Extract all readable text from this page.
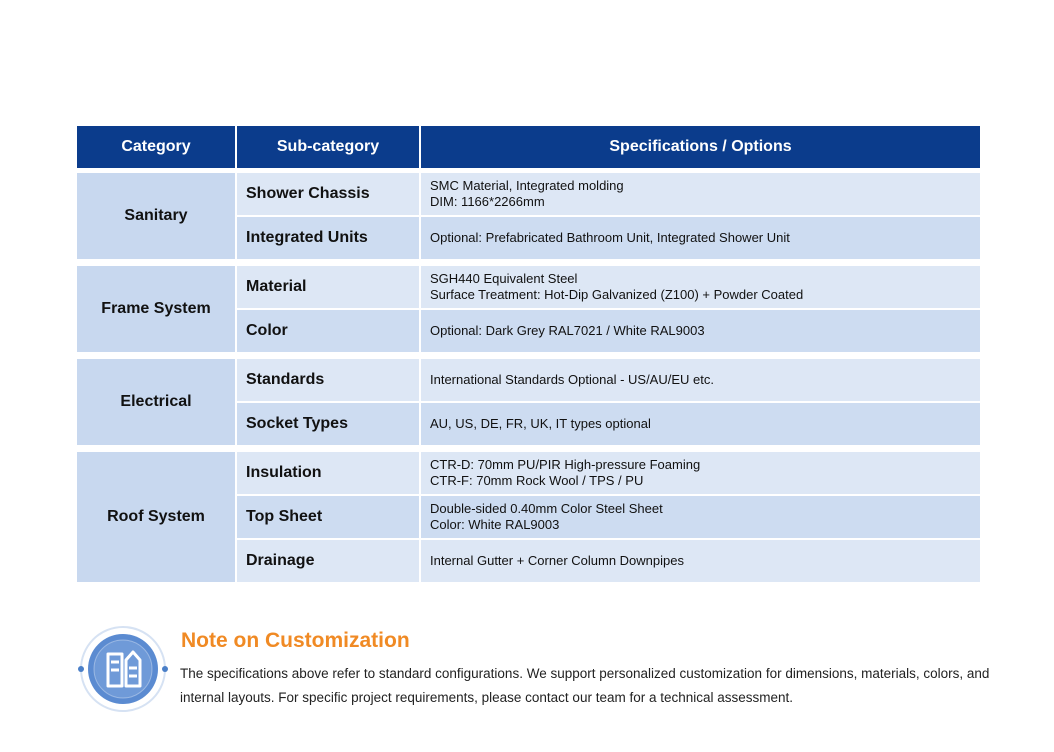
Category	Sub-category	Specifications / Options

Sanitary	Shower Chassis	SMC Material, Integrated molding
DIM: 1166*2266mm

	Integrated Units	Optional: Prefabricated Bathroom Unit, Integrated Shower Unit

Frame System	Material	SGH440 Equivalent Steel
Surface Treatment: Hot-Dip Galvanized (Z100) + Powder Coated

	Color	Optional: Dark Grey RAL7021 / White RAL9003

Electrical	Standards	International Standards Optional - US/AU/EU etc.

	Socket Types	AU, US, DE, FR, UK, IT types optional

Roof System	Insulation	CTR-D: 70mm PU/PIR High-pressure Foaming
CTR-F: 70mm Rock Wool / TPS / PU

	Top Sheet	Double-sided 0.40mm Color Steel Sheet
Color: White RAL9003

	Drainage	Internal Gutter + Corner Column Downpipes
Note on Customization
The specifications above refer to standard configurations. We support personalized customization for dimensions, materials, colors, and internal layouts. For specific project requirements, please contact our team for a technical assessment.
